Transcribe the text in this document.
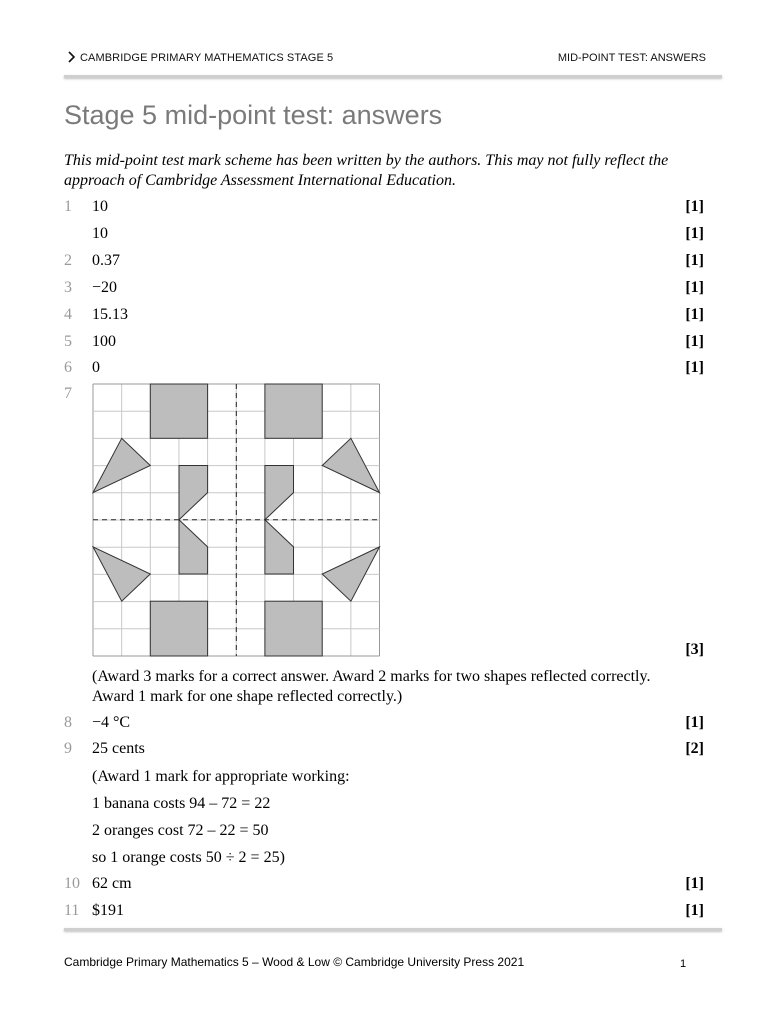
CAMBRIDGE PRIMARY MATHEMATICS STAGE 5	MID-POINT TEST: ANSWERS
Stage 5 mid-point test: answers
This mid-point test mark scheme has been written by the authors. This may not fully reflect the approach of Cambridge Assessment International Education.
1	10	[1]
10	[1]
2	0.37	[1]
3	−20	[1]
4	15.13	[1]
5	100	[1]
6	0	[1]
7
[3]
(Award 3 marks for a correct answer. Award 2 marks for two shapes reflected correctly. Award 1 mark for one shape reflected correctly.)
8	−4 °C	[1]
9	25 cents	[2]
(Award 1 mark for appropriate working:
1 banana costs 94 – 72 = 22
2 oranges cost 72 – 22 = 50
so 1 orange costs 50 ÷ 2 = 25)
10 62 cm	[1]
11 $191	[1]
Cambridge Primary Mathematics 5 – Wood & Low © Cambridge University Press 2021	1
